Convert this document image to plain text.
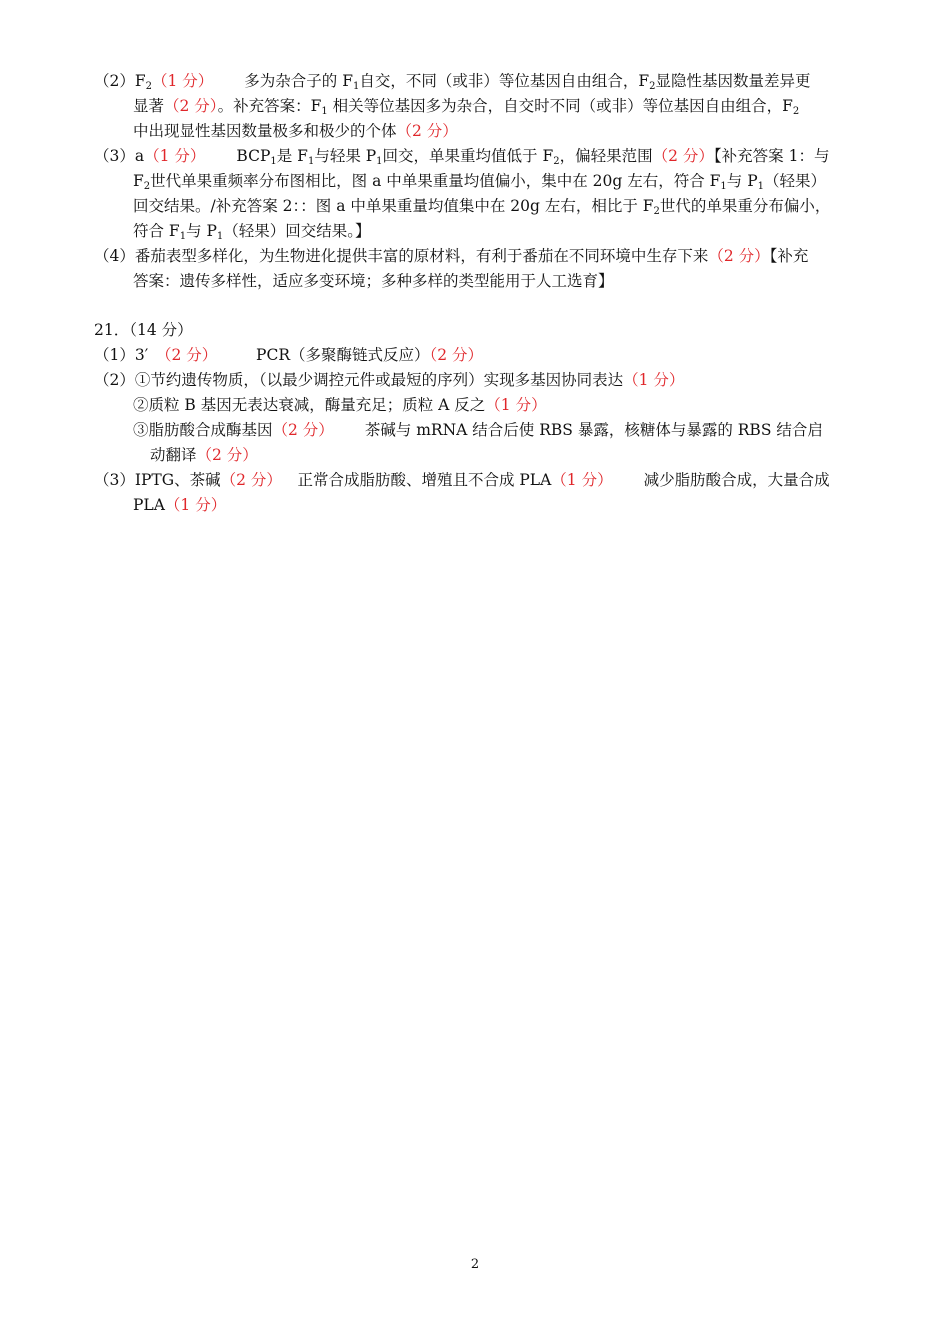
$(2)F_2(1$ 分）   多为杂合子的 $F_1$自交，不同（或非）等位基因自由组合，$F_2$显隐性基因数量差异更
显著（2 分）。补充答案：$F_1$ 相关等位基因多为杂合，自交时不同（或非）等位基因自由组合，$F_2$
中出现显性基因数量极多和极少的个体（2 分）
（3）a（1 分）   $BCP_1$是 $F_1$与轻果 $P_1$回交，单果重均值低于 $F_2$，偏轻果范围（2 分）【补充答案 1：与
$F_2$世代单果重频率分布图相比，图 a 中单果重量均值偏小，集中在 20g 左右，符合 $F_1$与 $P_1$（轻果）
回交结果。/补充答案 2：：图 a 中单果重量均值集中在 20g 左右，相比于 $F_2$世代的单果重分布偏小，
符合 $F_1$与 $P_1$（轻果）回交结果。】
（4）番茄表型多样化，为生物进化提供丰富的原材料，有利于番茄在不同环境中生存下来（2 分）【补充
答案：遗传多样性，适应多变环境；多种多样的类型能用于人工选育】
21．（14 分）
（1）3′  （2 分）   	PCR（多聚酶链式反应）（2 分）
（2）①节约遗传物质，（以最少调控元件或最短的序列）实现多基因协同表达（1 分）
②质粒 B 基因无表达衰减，酶量充足；质粒 A 反之（1 分）
③脂肪酸合成酶基因（2 分）   茶碱与 mRNA 结合后使 RBS 暴露，核糖体与暴露的 RBS 结合启
动翻译（2 分）
（3）IPTG、茶碱（2 分）  正常合成脂肪酸、增殖且不合成 PLA（1 分）   减少脂肪酸合成，大量合成
PLA（1 分）
2
